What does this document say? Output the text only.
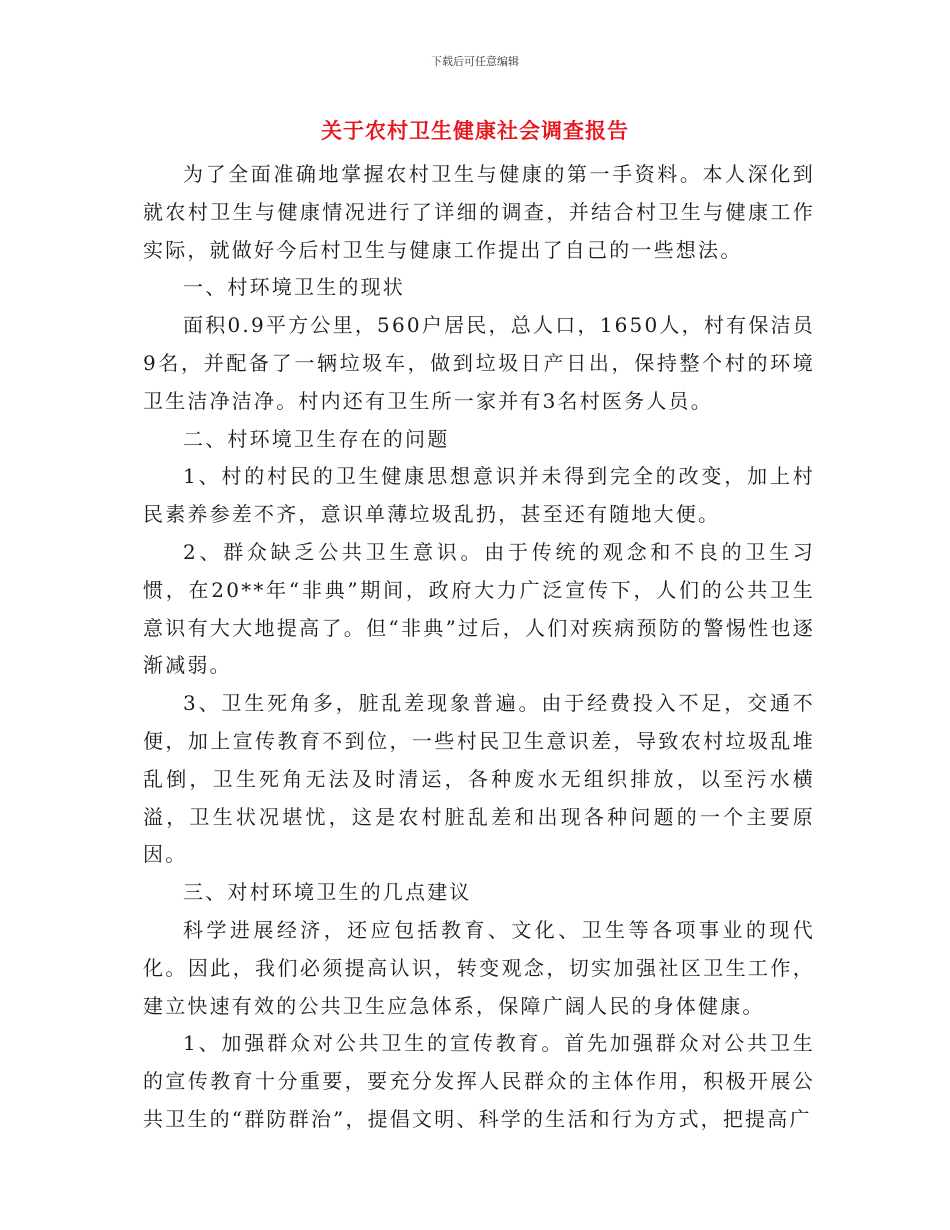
下载后可任意编辑
关于农村卫生健康社会调查报告

为了全面准确地掌握农村卫生与健康的第一手资料。本人深化到就农村卫生与健康情况进行了详细的调查，并结合村卫生与健康工作实际，就做好今后村卫生与健康工作提出了自己的一些想法。

一、村环境卫生的现状

面积0.9平方公里，560户居民，总人口，1650人，村有保洁员9名，并配备了一辆垃圾车，做到垃圾日产日出，保持整个村的环境卫生洁净洁净。村内还有卫生所一家并有3名村医务人员。

二、村环境卫生存在的问题

1、村的村民的卫生健康思想意识并未得到完全的改变，加上村民素养参差不齐，意识单薄垃圾乱扔，甚至还有随地大便。

2、群众缺乏公共卫生意识。由于传统的观念和不良的卫生习惯，在20**年“非典”期间，政府大力广泛宣传下，人们的公共卫生意识有大大地提高了。但“非典”过后，人们对疾病预防的警惕性也逐渐减弱。

3、卫生死角多，脏乱差现象普遍。由于经费投入不足，交通不便，加上宣传教育不到位，一些村民卫生意识差，导致农村垃圾乱堆乱倒，卫生死角无法及时清运，各种废水无组织排放，以至污水横溢，卫生状况堪忧，这是农村脏乱差和出现各种问题的一个主要原因。

三、对村环境卫生的几点建议

科学进展经济，还应包括教育、文化、卫生等各项事业的现代化。因此，我们必须提高认识，转变观念，切实加强社区卫生工作，建立快速有效的公共卫生应急体系，保障广阔人民的身体健康。

1、加强群众对公共卫生的宣传教育。首先加强群众对公共卫生的宣传教育十分重要，要充分发挥人民群众的主体作用，积极开展公共卫生的“群防群治”，提倡文明、科学的生活和行为方式，把提高广
